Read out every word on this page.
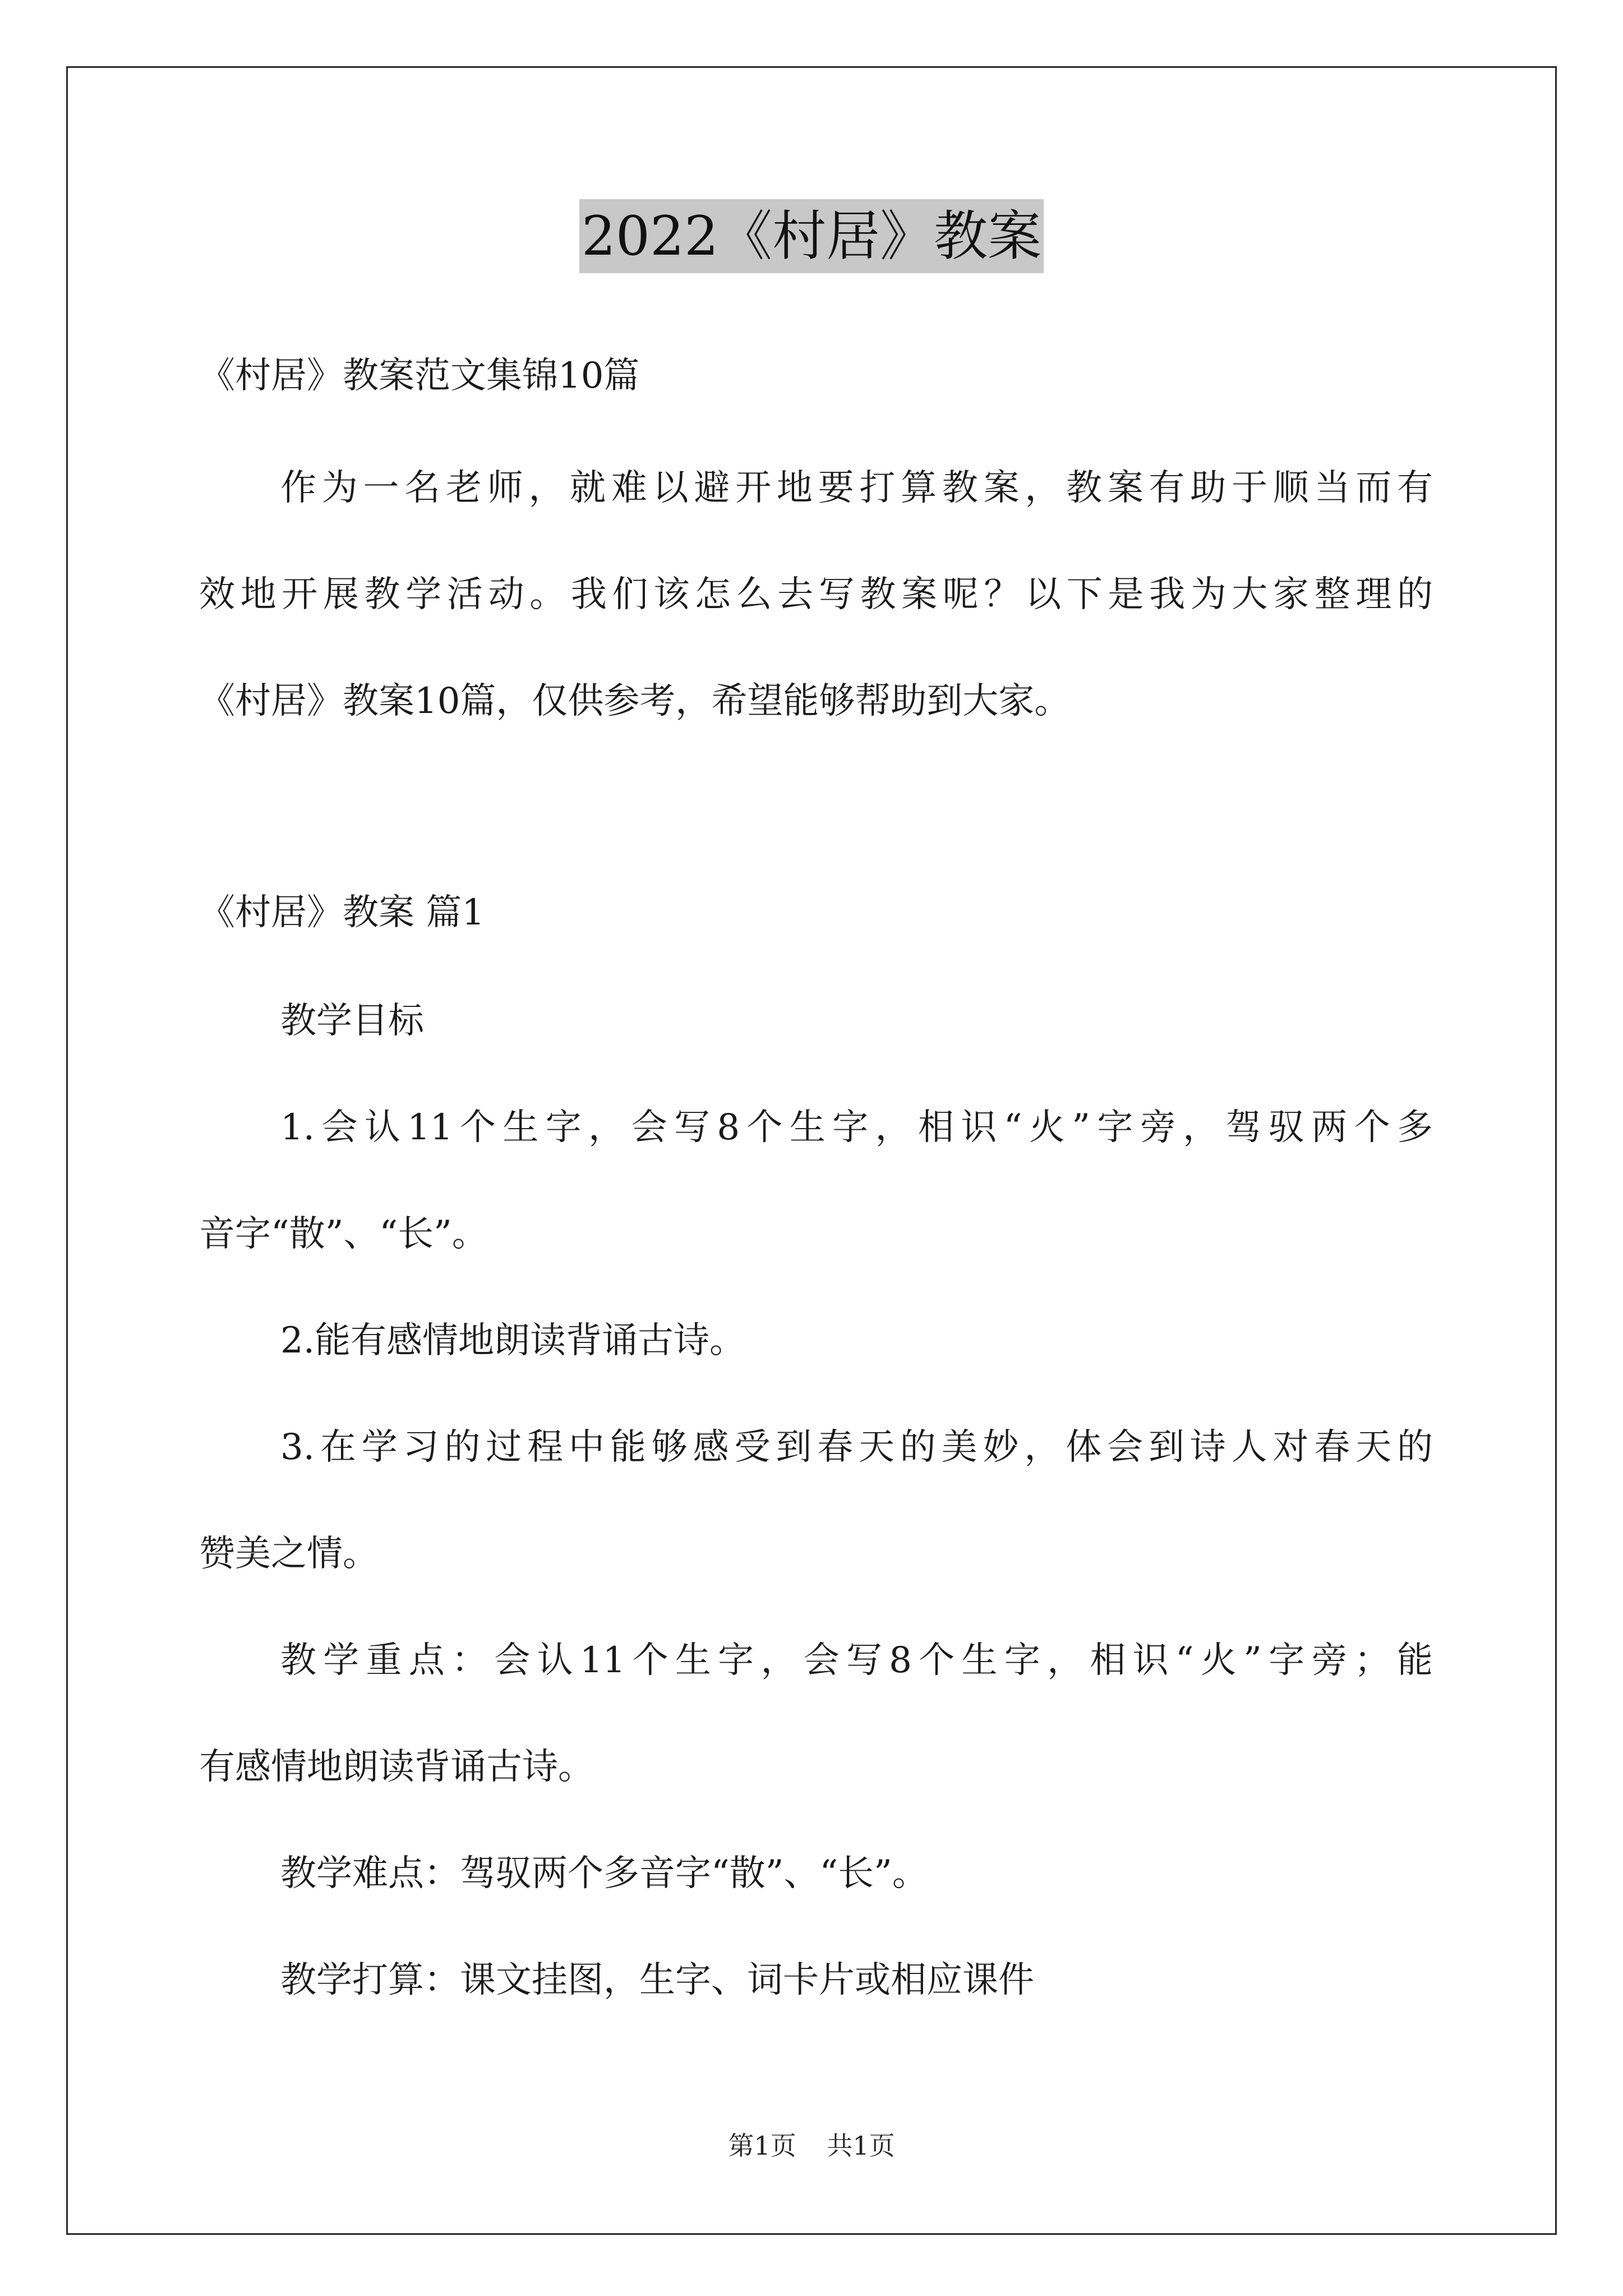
2022《村居》教案
《村居》教案范文集锦10篇
作为一名老师，就难以避开地要打算教案，教案有助于顺当而有
效地开展教学活动。我们该怎么去写教案呢？以下是我为大家整理的
《村居》教案10篇，仅供参考，希望能够帮助到大家。
《村居》教案 篇1
教学目标
1.会认11个生字，会写8个生字，相识“火”字旁，驾驭两个多
音字“散”、“长”。
2.能有感情地朗读背诵古诗。
3.在学习的过程中能够感受到春天的美妙，体会到诗人对春天的
赞美之情。
教学重点：会认11个生字，会写8个生字，相识“火”字旁；能
有感情地朗读背诵古诗。
教学难点：驾驭两个多音字“散”、“长”。
教学打算：课文挂图，生字、词卡片或相应课件
第1页 共1页
